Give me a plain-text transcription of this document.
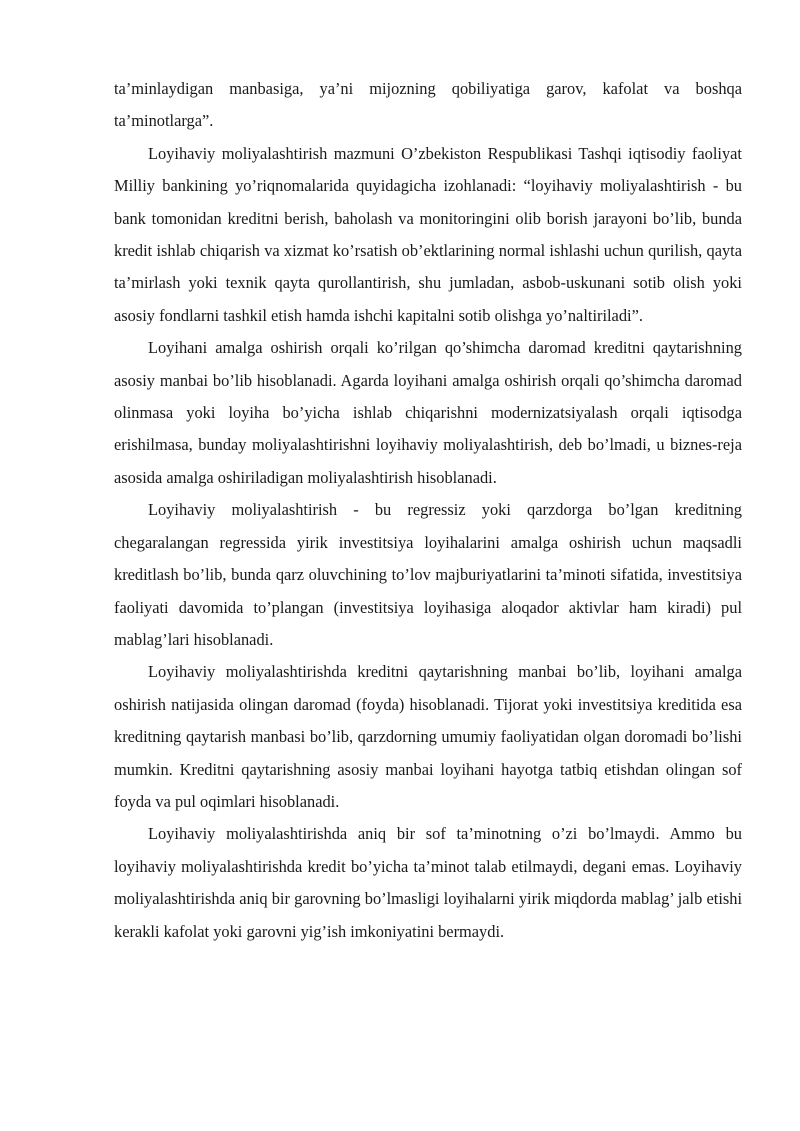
ta’minlaydigan manbasiga, ya’ni mijozning qobiliyatiga garov, kafolat va boshqa ta’minotlarga”.

Loyihaviy moliyalashtirish mazmuni O’zbekiston Respublikasi Tashqi iqtisodiy faoliyat Milliy bankining yo’riqnomalarida quyidagicha izohlanadi: “loyihaviy moliyalashtirish - bu bank tomonidan kreditni berish, baholash va monitoringini olib borish jarayoni bo’lib, bunda kredit ishlab chiqarish va xizmat ko’rsatish ob’ektlarining normal ishlashi uchun qurilish, qayta ta’mirlash yoki texnik qayta qurollantirish, shu jumladan, asbob-uskunani sotib olish yoki asosiy fondlarni tashkil etish hamda ishchi kapitalni sotib olishga yo’naltiriladi”.

Loyihani amalga oshirish orqali ko’rilgan qo’shimcha daromad kreditni qaytarishning asosiy manbai bo’lib hisoblanadi. Agarda loyihani amalga oshirish orqali qo’shimcha daromad olinmasa yoki loyiha bo’yicha ishlab chiqarishni modernizatsiyalash orqali iqtisodga erishilmasa, bunday moliyalashtirishni loyihaviy moliyalashtirish, deb bo’lmadi, u biznes-reja asosida amalga oshiriladigan moliyalashtirish hisoblanadi.

Loyihaviy moliyalashtirish - bu regressiz yoki qarzdorga bo’lgan kreditning chegaralangan regressida yirik investitsiya loyihalarini amalga oshirish uchun maqsadli kreditlash bo’lib, bunda qarz oluvchining to’lov majburiyatlarini ta’minoti sifatida, investitsiya faoliyati davomida to’plangan (investitsiya loyihasiga aloqador aktivlar ham kiradi) pul mablag’lari hisoblanadi.

Loyihaviy moliyalashtirishda kreditni qaytarishning manbai bo’lib, loyihani amalga oshirish natijasida olingan daromad (foyda) hisoblanadi. Tijorat yoki investitsiya kreditida esa kreditning qaytarish manbasi bo’lib, qarzdorning umumiy faoliyatidan olgan doromadi bo’lishi mumkin. Kreditni qaytarishning asosiy manbai loyihani hayotga tatbiq etishdan olingan sof foyda va pul oqimlari hisoblanadi.

Loyihaviy moliyalashtirishda aniq bir sof ta’minotning o’zi bo’lmaydi. Ammo bu loyihaviy moliyalashtirishda kredit bo’yicha ta’minot talab etilmaydi, degani emas. Loyihaviy moliyalashtirishda aniq bir garovning bo’lmasligi loyihalarni yirik miqdorda mablag’ jalb etishi kerakli kafolat yoki garovni yig’ish imkoniyatini bermaydi.
